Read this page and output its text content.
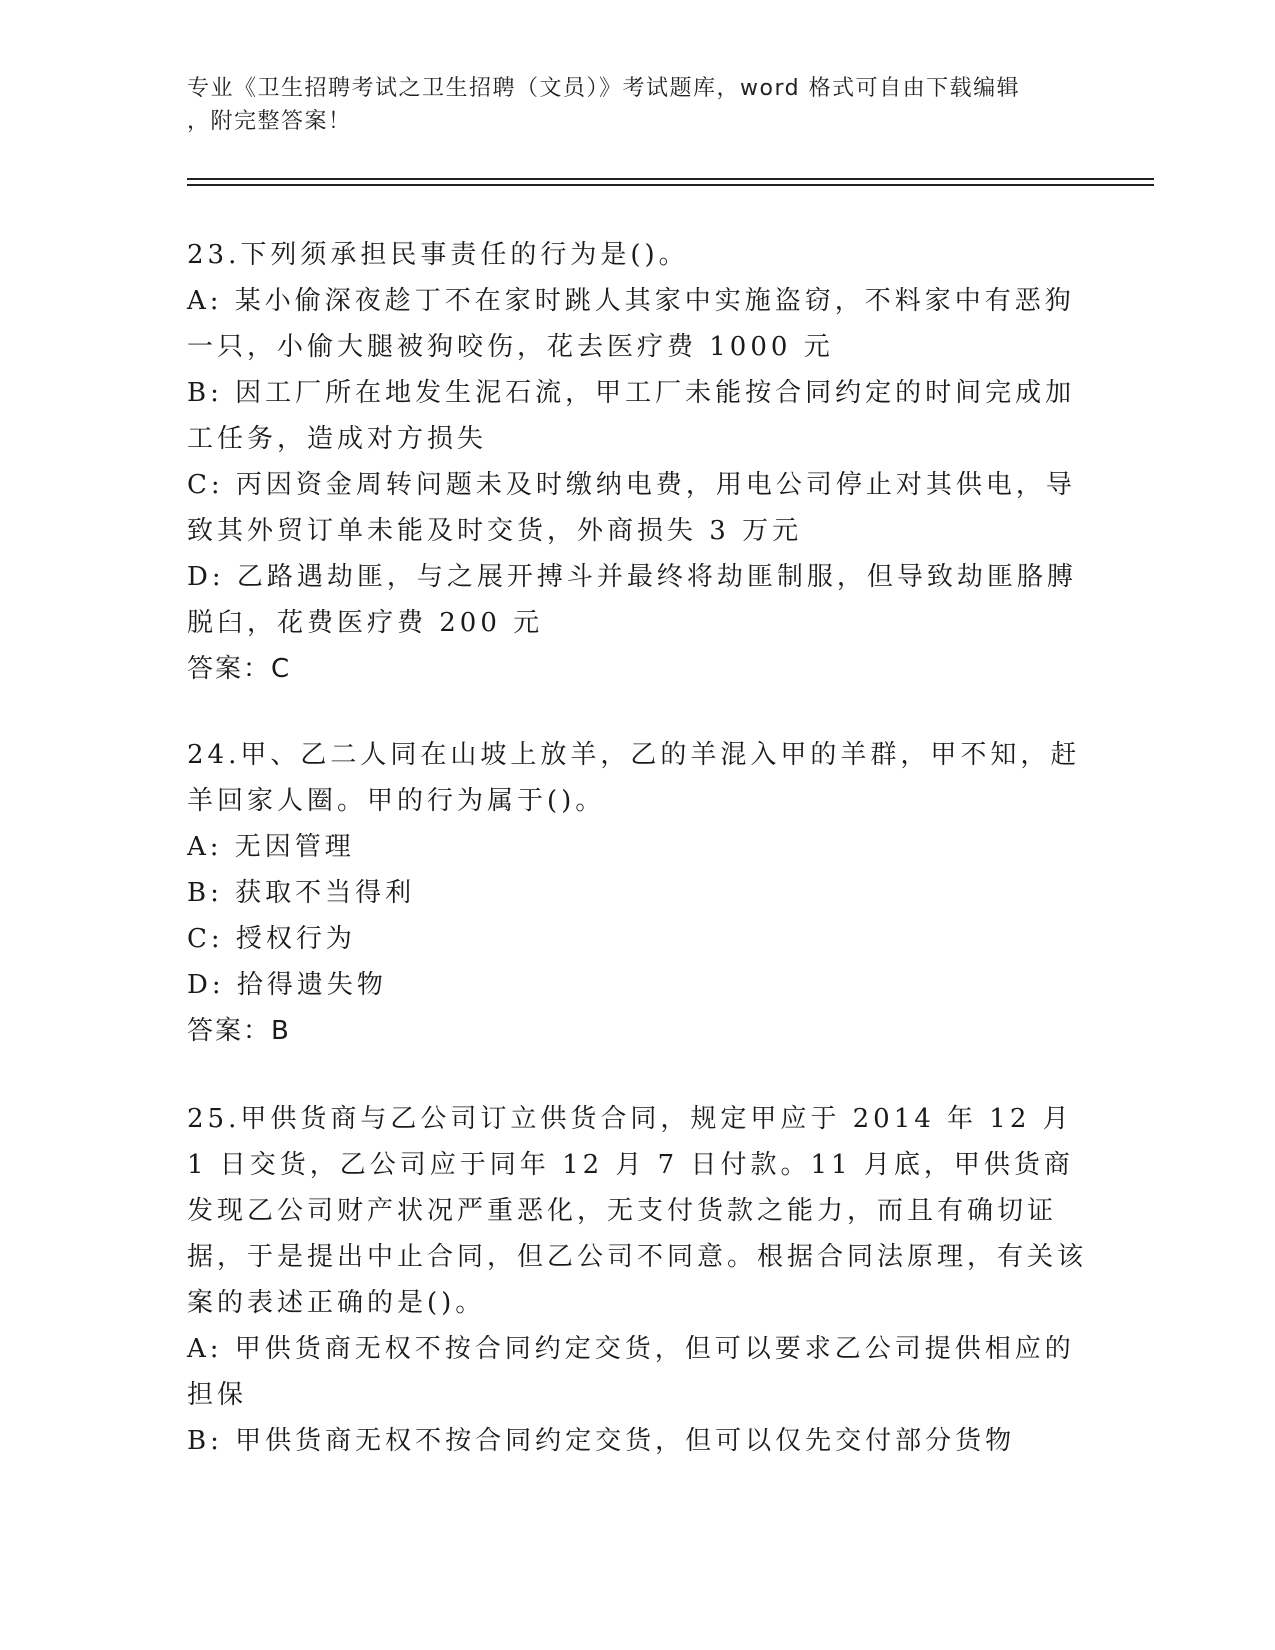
专业《卫生招聘考试之卫生招聘（文员）》考试题库，word 格式可自由下载编辑
，附完整答案！

23.下列须承担民事责任的行为是()。

A: 某小偷深夜趁丁不在家时跳人其家中实施盗窃，不料家中有恶狗一只，小偷大腿被狗咬伤，花去医疗费 1000 元

B: 因工厂所在地发生泥石流，甲工厂未能按合同约定的时间完成加工任务，造成对方损失

C: 丙因资金周转问题未及时缴纳电费，用电公司停止对其供电，导致其外贸订单未能及时交货，外商损失 3 万元

D: 乙路遇劫匪，与之展开搏斗并最终将劫匪制服，但导致劫匪胳膊脱臼，花费医疗费 200 元

答案：C

24.甲、乙二人同在山坡上放羊，乙的羊混入甲的羊群，甲不知，赶羊回家人圈。甲的行为属于()。

A: 无因管理

B: 获取不当得利

C: 授权行为

D: 拾得遗失物

答案：B

25.甲供货商与乙公司订立供货合同，规定甲应于 2014 年 12 月 1 日交货，乙公司应于同年 12 月 7 日付款。11 月底，甲供货商发现乙公司财产状况严重恶化，无支付货款之能力，而且有确切证据，于是提出中止合同，但乙公司不同意。根据合同法原理，有关该案的表述正确的是()。

A: 甲供货商无权不按合同约定交货，但可以要求乙公司提供相应的担保

B: 甲供货商无权不按合同约定交货，但可以仅先交付部分货物
